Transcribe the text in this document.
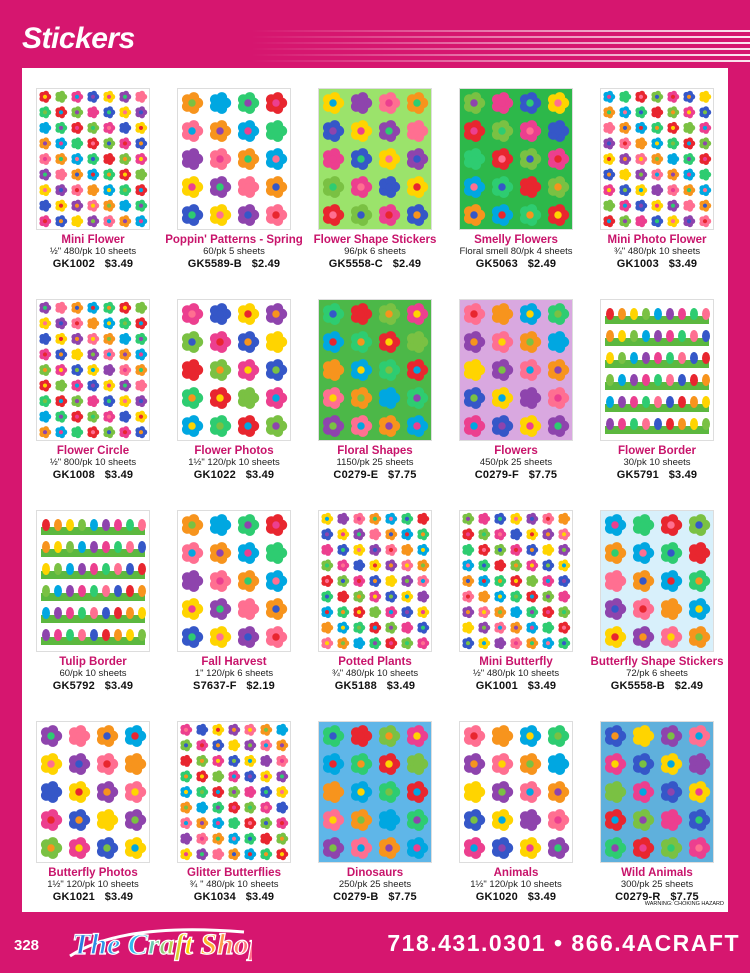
Stickers
Mini Flower
½" 480/pk 10 sheets
GK1002 $3.49
Poppin' Patterns - Spring
60/pk 5 sheets
GK5589-B $2.49
Flower Shape Stickers
96/pk 6 sheets
GK5558-C $2.49
Smelly Flowers
Floral smell 80/pk 4 sheets
GK5063 $2.49
Mini Photo Flower
¾" 480/pk 10 sheets
GK1003 $3.49
Flower Circle
½" 800/pk 10 sheets
GK1008 $3.49
Flower Photos
1½" 120/pk 10 sheets
GK1022 $3.49
Floral Shapes
1150/pk 25 sheets
C0279-E $7.75
Flowers
450/pk 25 sheets
C0279-F $7.75
Flower Border
30/pk 10 sheets
GK5791 $3.49
Tulip Border
60/pk 10 sheets
GK5792 $3.49
Fall Harvest
1" 120/pk 6 sheets
S7637-F $2.19
Potted Plants
¾" 480/pk 10 sheets
GK5188 $3.49
Mini Butterfly
½" 480/pk 10 sheets
GK1001 $3.49
Butterfly Shape Stickers
72/pk 6 sheets
GK5558-B $2.49
Butterfly Photos
1½" 120/pk 10 sheets
GK1021 $3.49
Glitter Butterflies
¾ " 480/pk 10 sheets
GK1034 $3.49
Dinosaurs
250/pk 25 sheets
C0279-B $7.75
Animals
1½" 120/pk 10 sheets
GK1020 $3.49
Wild Animals
300/pk 25 sheets
C0279-R $7.75
WARNING: CHOKING HAZARD
328 The Craft Shop	718.431.0301 • 866.4ACRAFT
